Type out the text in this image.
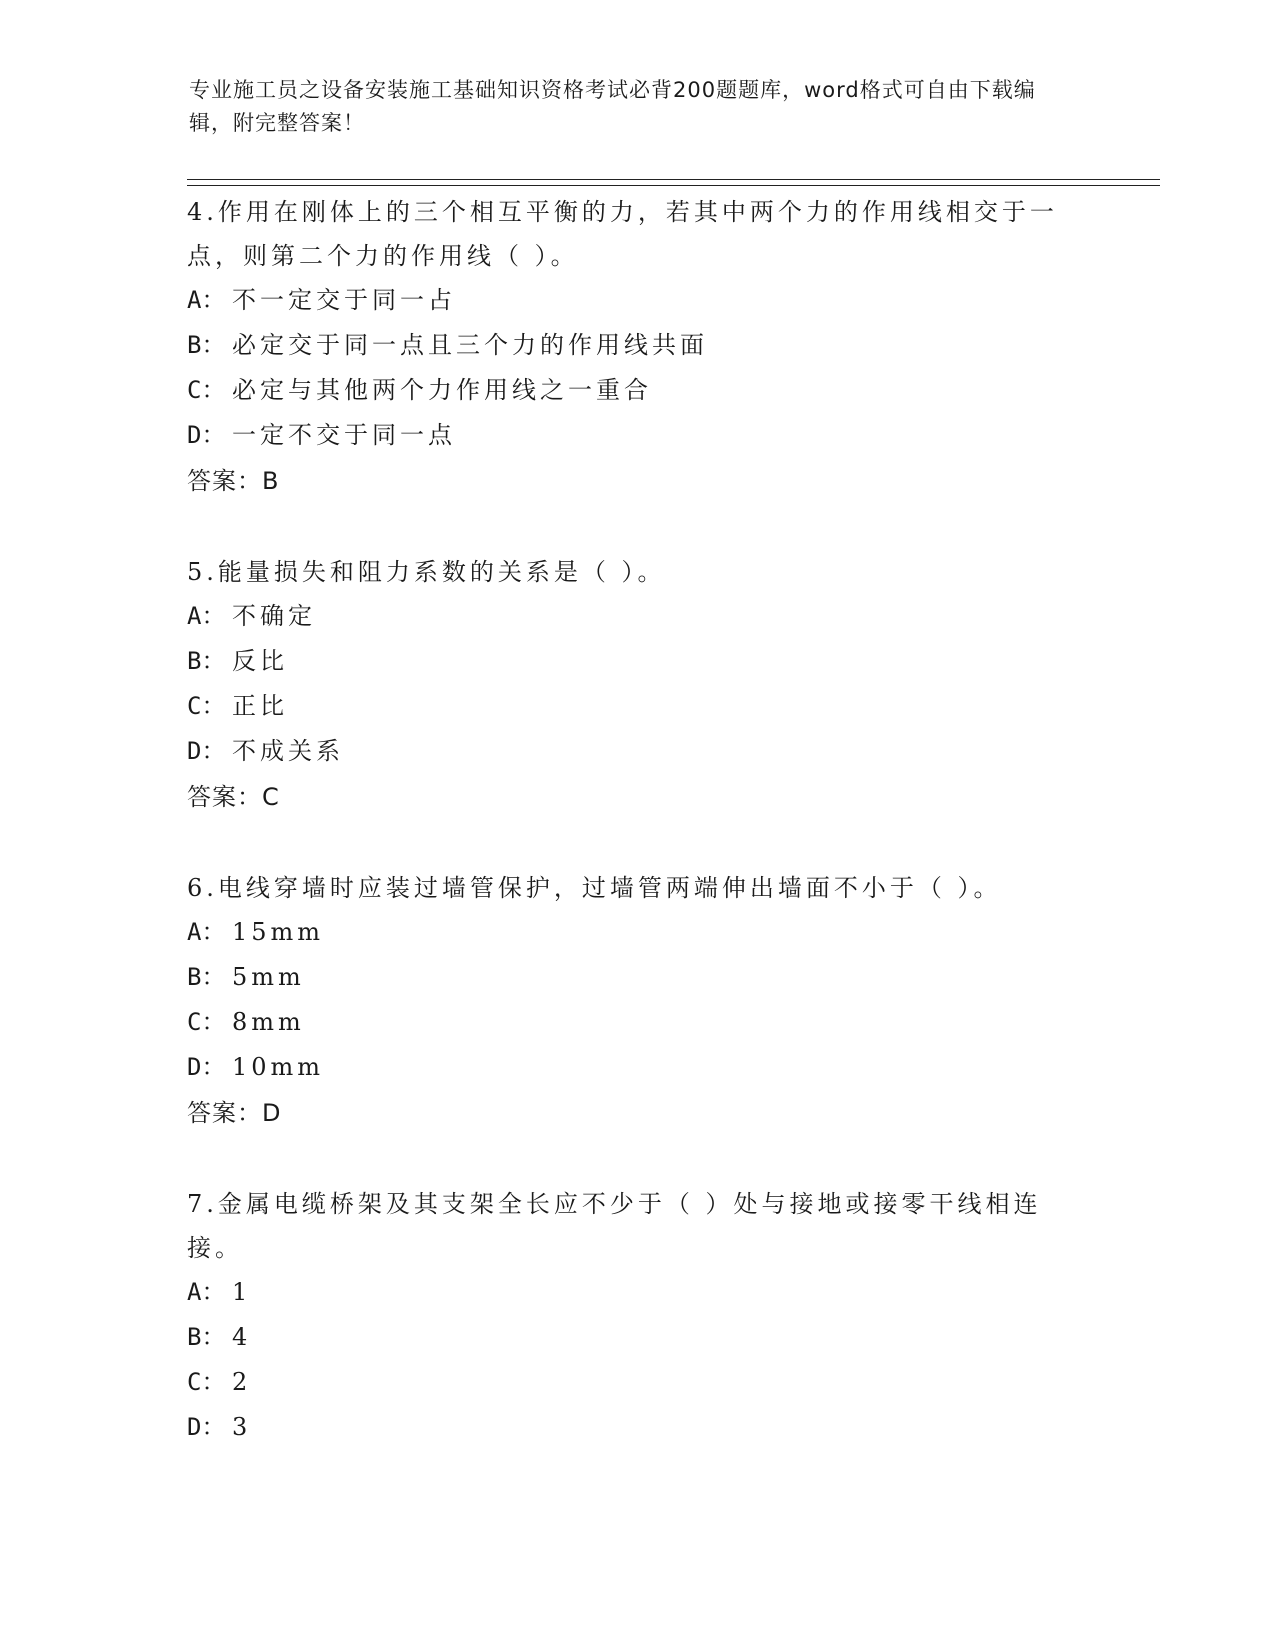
专业施工员之设备安装施工基础知识资格考试必背200题题库，word格式可自由下载编辑，附完整答案！

4.作用在刚体上的三个相互平衡的力，若其中两个力的作用线相交于一点，则第二个力的作用线（ ）。

A： 不一定交于同一占
B： 必定交于同一点且三个力的作用线共面
C： 必定与其他两个力作用线之一重合
D： 一定不交于同一点

答案：B

5.能量损失和阻力系数的关系是（ ）。

A： 不确定
B： 反比
C： 正比
D： 不成关系

答案：C

6.电线穿墙时应装过墙管保护，过墙管两端伸出墙面不小于（ ）。

A： 15mm
B： 5mm
C： 8mm
D： 10mm

答案：D

7.金属电缆桥架及其支架全长应不少于（ ）处与接地或接零干线相连接。

A： 1
B： 4
C： 2
D： 3
